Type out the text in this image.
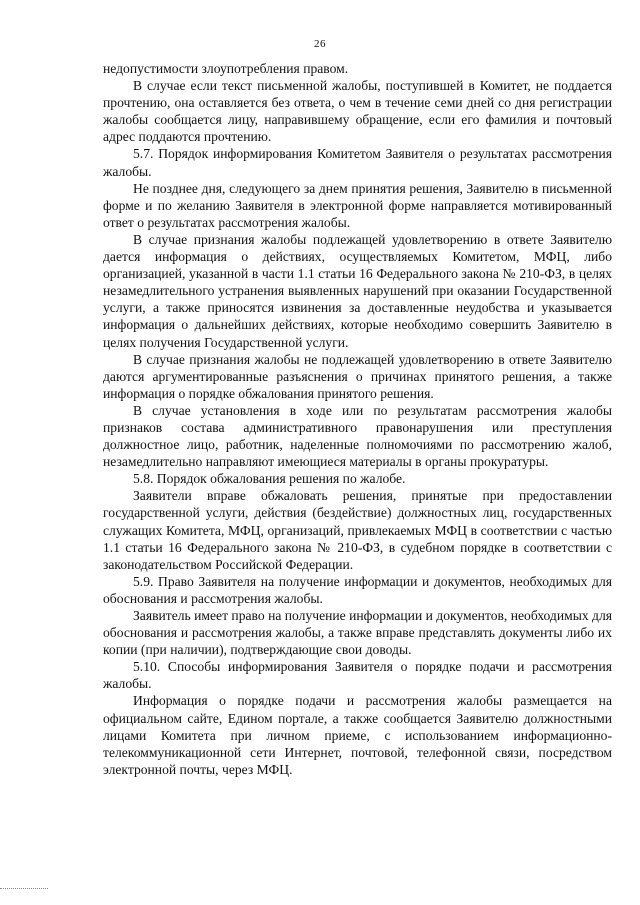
26

недопустимости злоупотребления правом.

В случае если текст письменной жалобы, поступившей в Комитет, не поддается прочтению, она оставляется без ответа, о чем в течение семи дней со дня регистрации жалобы сообщается лицу, направившему обращение, если его фамилия и почтовый адрес поддаются прочтению.

5.7. Порядок информирования Комитетом Заявителя о результатах рассмотрения жалобы.

Не позднее дня, следующего за днем принятия решения, Заявителю в письменной форме и по желанию Заявителя в электронной форме направляется мотивированный ответ о результатах рассмотрения жалобы.

В случае признания жалобы подлежащей удовлетворению в ответе Заявителю дается информация о действиях, осуществляемых Комитетом, МФЦ, либо организацией, указанной в части 1.1 статьи 16 Федерального закона № 210-ФЗ, в целях незамедлительного устранения выявленных нарушений при оказании Государственной услуги, а также приносятся извинения за доставленные неудобства и указывается информация о дальнейших действиях, которые необходимо совершить Заявителю в целях получения Государственной услуги.

В случае признания жалобы не подлежащей удовлетворению в ответе Заявителю даются аргументированные разъяснения о причинах принятого решения, а также информация о порядке обжалования принятого решения.

В случае установления в ходе или по результатам рассмотрения жалобы признаков состава административного правонарушения или преступления должностное лицо, работник, наделенные полномочиями по рассмотрению жалоб, незамедлительно направляют имеющиеся материалы в органы прокуратуры.

5.8. Порядок обжалования решения по жалобе.

Заявители вправе обжаловать решения, принятые при предоставлении государственной услуги, действия (бездействие) должностных лиц, государственных служащих Комитета, МФЦ, организаций, привлекаемых МФЦ в соответствии с частью 1.1 статьи 16 Федерального закона № 210-ФЗ, в судебном порядке в соответствии с законодательством Российской Федерации.

5.9. Право Заявителя на получение информации и документов, необходимых для обоснования и рассмотрения жалобы.

Заявитель имеет право на получение информации и документов, необходимых для обоснования и рассмотрения жалобы, а также вправе представлять документы либо их копии (при наличии), подтверждающие свои доводы.

5.10. Способы информирования Заявителя о порядке подачи и рассмотрения жалобы.

Информация о порядке подачи и рассмотрения жалобы размещается на официальном сайте, Едином портале, а также сообщается Заявителю должностными лицами Комитета при личном приеме, с использованием информационно-телекоммуникационной сети Интернет, почтовой, телефонной связи, посредством электронной почты, через МФЦ.
